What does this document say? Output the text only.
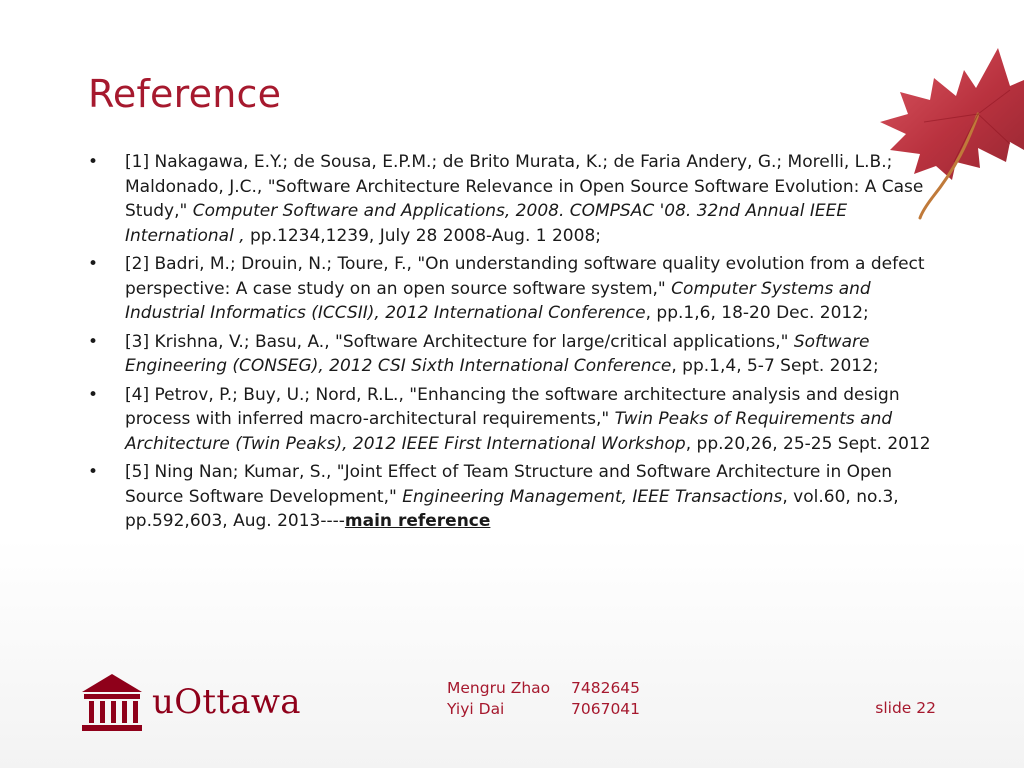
Reference
• [1] Nakagawa, E.Y.; de Sousa, E.P.M.; de Brito Murata, K.; de Faria Andery, G.; Morelli, L.B.; Maldonado, J.C., "Software Architecture Relevance in Open Source Software Evolution: A Case Study," Computer Software and Applications, 2008. COMPSAC '08. 32nd Annual IEEE International , pp.1234,1239, July 28 2008-Aug. 1 2008;
• [2] Badri, M.; Drouin, N.; Toure, F., "On understanding software quality evolution from a defect perspective: A case study on an open source software system," Computer Systems and Industrial Informatics (ICCSII), 2012 International Conference, pp.1,6, 18-20 Dec. 2012;
• [3] Krishna, V.; Basu, A., "Software Architecture for large/critical applications," Software Engineering (CONSEG), 2012 CSI Sixth International Conference, pp.1,4, 5-7 Sept. 2012;
• [4] Petrov, P.; Buy, U.; Nord, R.L., "Enhancing the software architecture analysis and design process with inferred macro-architectural requirements," Twin Peaks of Requirements and Architecture (Twin Peaks), 2012 IEEE First International Workshop, pp.20,26, 25-25 Sept. 2012
• [5] Ning Nan; Kumar, S., "Joint Effect of Team Structure and Software Architecture in Open Source Software Development," Engineering Management, IEEE Transactions, vol.60, no.3, pp.592,603, Aug. 2013----main reference
uOttawa	Mengru Zhao 7482645
Yiyi Dai	7067041	slide 22
